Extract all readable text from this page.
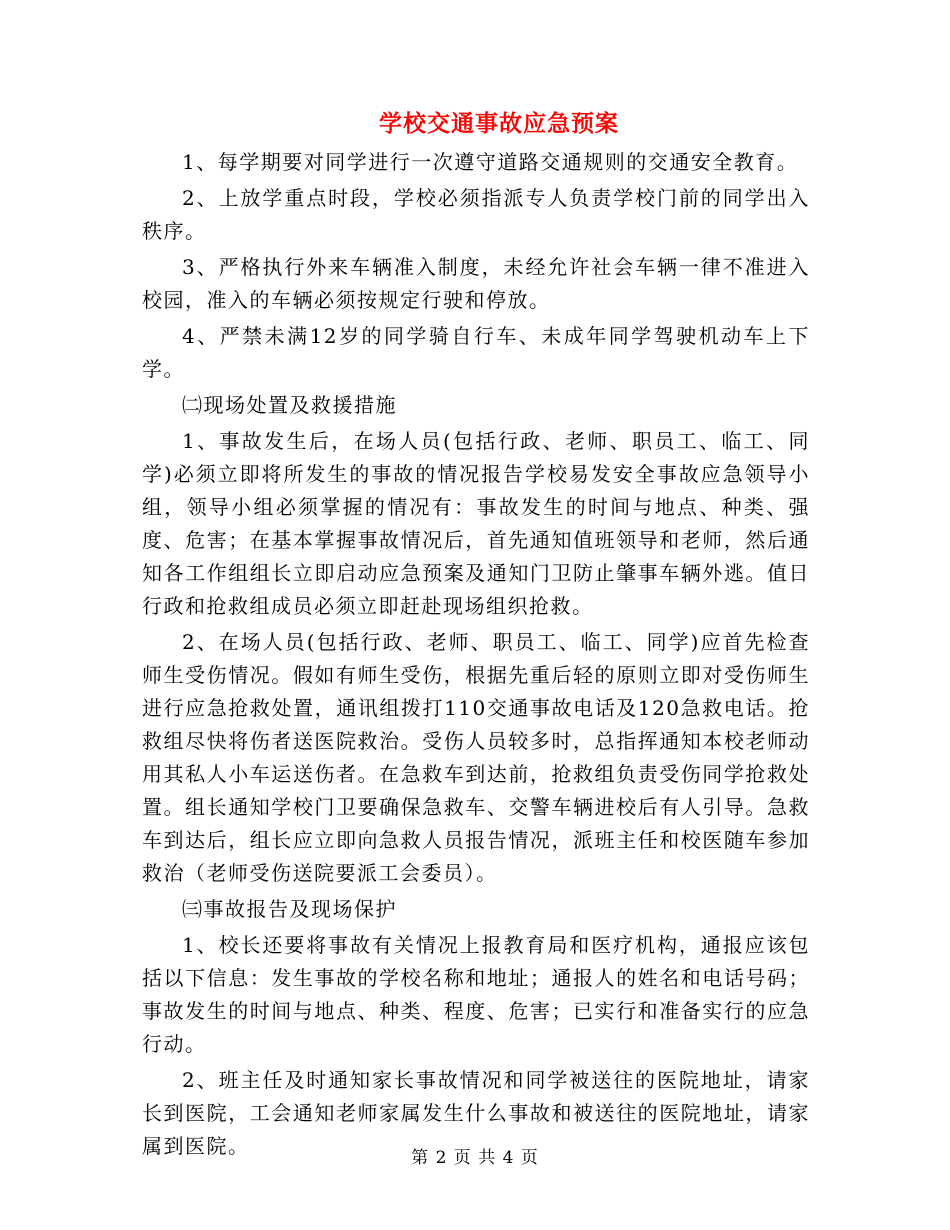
学校交通事故应急预案

1、每学期要对同学进行一次遵守道路交通规则的交通安全教育。

2、上放学重点时段，学校必须指派专人负责学校门前的同学出入秩序。

3、严格执行外来车辆准入制度，未经允许社会车辆一律不准进入校园，准入的车辆必须按规定行驶和停放。

4、严禁未满12岁的同学骑自行车、未成年同学驾驶机动车上下学。

㈡现场处置及救援措施

1、事故发生后，在场人员(包括行政、老师、职员工、临工、同学)必须立即将所发生的事故的情况报告学校易发安全事故应急领导小组，领导小组必须掌握的情况有：事故发生的时间与地点、种类、强度、危害；在基本掌握事故情况后，首先通知值班领导和老师，然后通知各工作组组长立即启动应急预案及通知门卫防止肇事车辆外逃。值日行政和抢救组成员必须立即赶赴现场组织抢救。

2、在场人员(包括行政、老师、职员工、临工、同学)应首先检查师生受伤情况。假如有师生受伤，根据先重后轻的原则立即对受伤师生进行应急抢救处置，通讯组拨打110交通事故电话及120急救电话。抢救组尽快将伤者送医院救治。受伤人员较多时，总指挥通知本校老师动用其私人小车运送伤者。在急救车到达前，抢救组负责受伤同学抢救处置。组长通知学校门卫要确保急救车、交警车辆进校后有人引导。急救车到达后，组长应立即向急救人员报告情况，派班主任和校医随车参加救治（老师受伤送院要派工会委员）。

㈢事故报告及现场保护

1、校长还要将事故有关情况上报教育局和医疗机构，通报应该包括以下信息：发生事故的学校名称和地址；通报人的姓名和电话号码；事故发生的时间与地点、种类、程度、危害；已实行和准备实行的应急行动。

2、班主任及时通知家长事故情况和同学被送往的医院地址，请家长到医院，工会通知老师家属发生什么事故和被送往的医院地址，请家属到医院。	第 2 页 共 4 页
